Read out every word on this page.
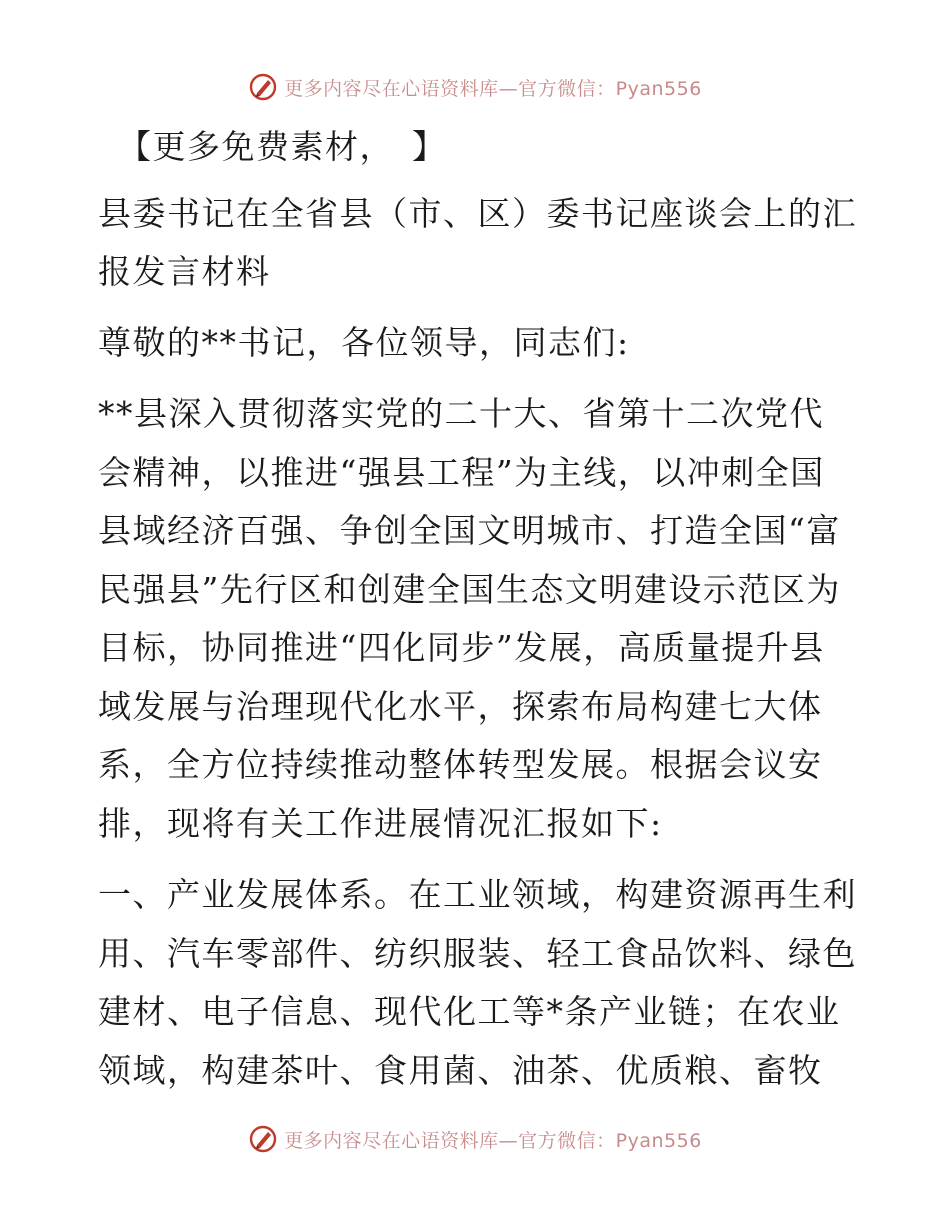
更多内容尽在心语资料库—官方微信：Pyan556

【更多免费素材，　】

县委书记在全省县（市、区）委书记座谈会上的汇报发言材料

尊敬的**书记，各位领导，同志们:

**县深入贯彻落实党的二十大、省第十二次党代会精神，以推进“强县工程”为主线，以冲刺全国县域经济百强、争创全国文明城市、打造全国“富民强县”先行区和创建全国生态文明建设示范区为目标，协同推进“四化同步”发展，高质量提升县域发展与治理现代化水平，探索布局构建七大体系，全方位持续推动整体转型发展。根据会议安排，现将有关工作进展情况汇报如下:

一、产业发展体系。在工业领域，构建资源再生利用、汽车零部件、纺织服装、轻工食品饮料、绿色建材、电子信息、现代化工等*条产业链；在农业领域，构建茶叶、食用菌、油茶、优质粮、畜牧

更多内容尽在心语资料库—官方微信：Pyan556
